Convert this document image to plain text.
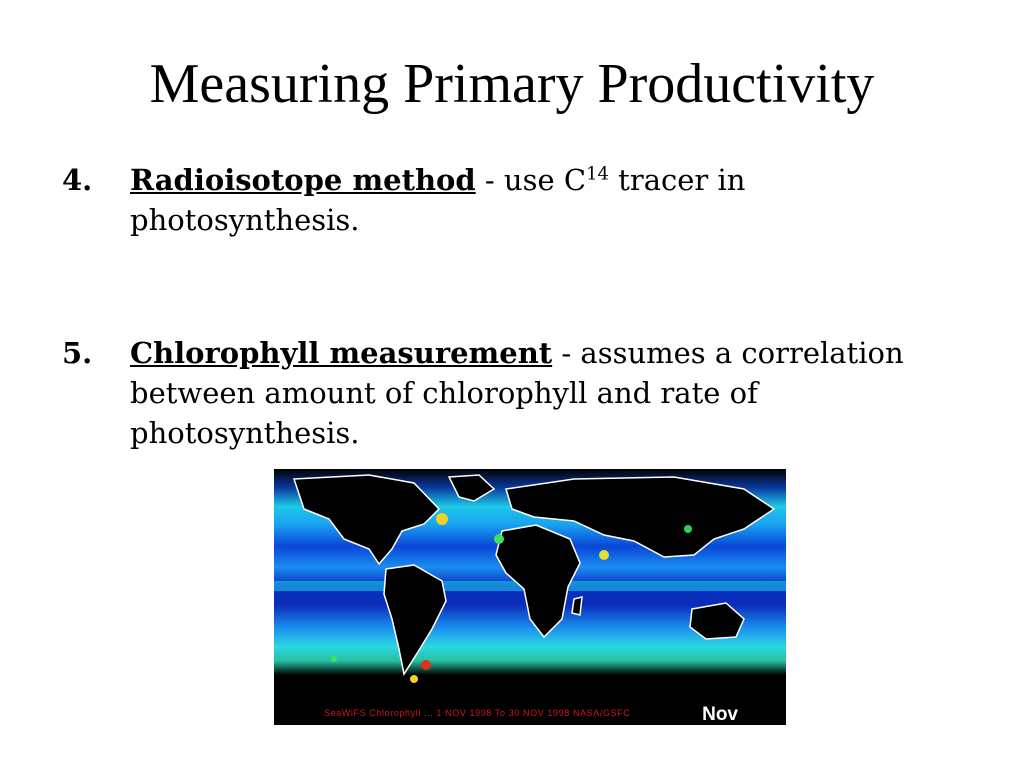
Measuring Primary Productivity
4. Radioisotope method - use $C^{14}$ tracer in photosynthesis.
5. Chlorophyll measurement - assumes a correlation between amount of chlorophyll and rate of photosynthesis.
SeaWiFS Chlorophyll ... 1 NOV 1998 To 30 NOV 1998 NASA/GSFC	Nov
